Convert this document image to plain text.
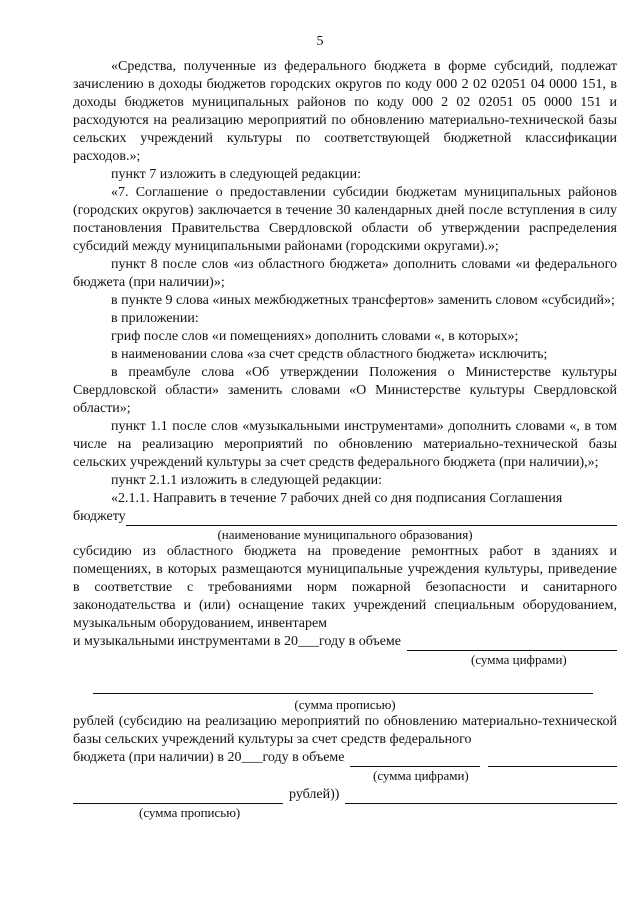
5

«Средства, полученные из федерального бюджета в форме субсидий, подлежат зачислению в доходы бюджетов городских округов по коду 000 2 02 02051 04 0000 151, в доходы бюджетов муниципальных районов по коду 000 2 02 02051 05 0000 151 и расходуются на реализацию мероприятий по обновлению материально-технической базы сельских учреждений культуры по соответствующей бюджетной классификации расходов.»;

пункт 7 изложить в следующей редакции:

«7. Соглашение о предоставлении субсидии бюджетам муниципальных районов (городских округов) заключается в течение 30 календарных дней после вступления в силу постановления Правительства Свердловской области об утверждении распределения субсидий между муниципальными районами (городскими округами).»;

пункт 8 после слов «из областного бюджета» дополнить словами «и федерального бюджета (при наличии)»;

в пункте 9 слова «иных межбюджетных трансфертов» заменить словом «субсидий»;

в приложении:

гриф после слов «и помещениях» дополнить словами «, в которых»;

в наименовании слова «за счет средств областного бюджета» исключить;

в преамбуле слова «Об утверждении Положения о Министерстве культуры Свердловской области» заменить словами «О Министерстве культуры Свердловской области»;

пункт 1.1 после слов «музыкальными инструментами» дополнить словами «, в том числе на реализацию мероприятий по обновлению материально-технической базы сельских учреждений культуры за счет средств федерального бюджета (при наличии),»;

пункт 2.1.1 изложить в следующей редакции:

«2.1.1. Направить в течение 7 рабочих дней со дня подписания Соглашения

бюджету
(наименование муниципального образования)

субсидию из областного бюджета на проведение ремонтных работ в зданиях и помещениях, в которых размещаются муниципальные учреждения культуры, приведение в соответствие с требованиями норм пожарной безопасности и санитарного законодательства и (или) оснащение таких учреждений специальным оборудованием, музыкальным оборудованием, инвентарем

и музыкальными инструментами в 20___году в объеме
(сумма цифрами)
(сумма прописью)

рублей (субсидию на реализацию мероприятий по обновлению материально-технической базы сельских учреждений культуры за счет средств федерального

бюджета (при наличии) в 20___году в объеме
(сумма цифрами)
рублей))
(сумма прописью)
